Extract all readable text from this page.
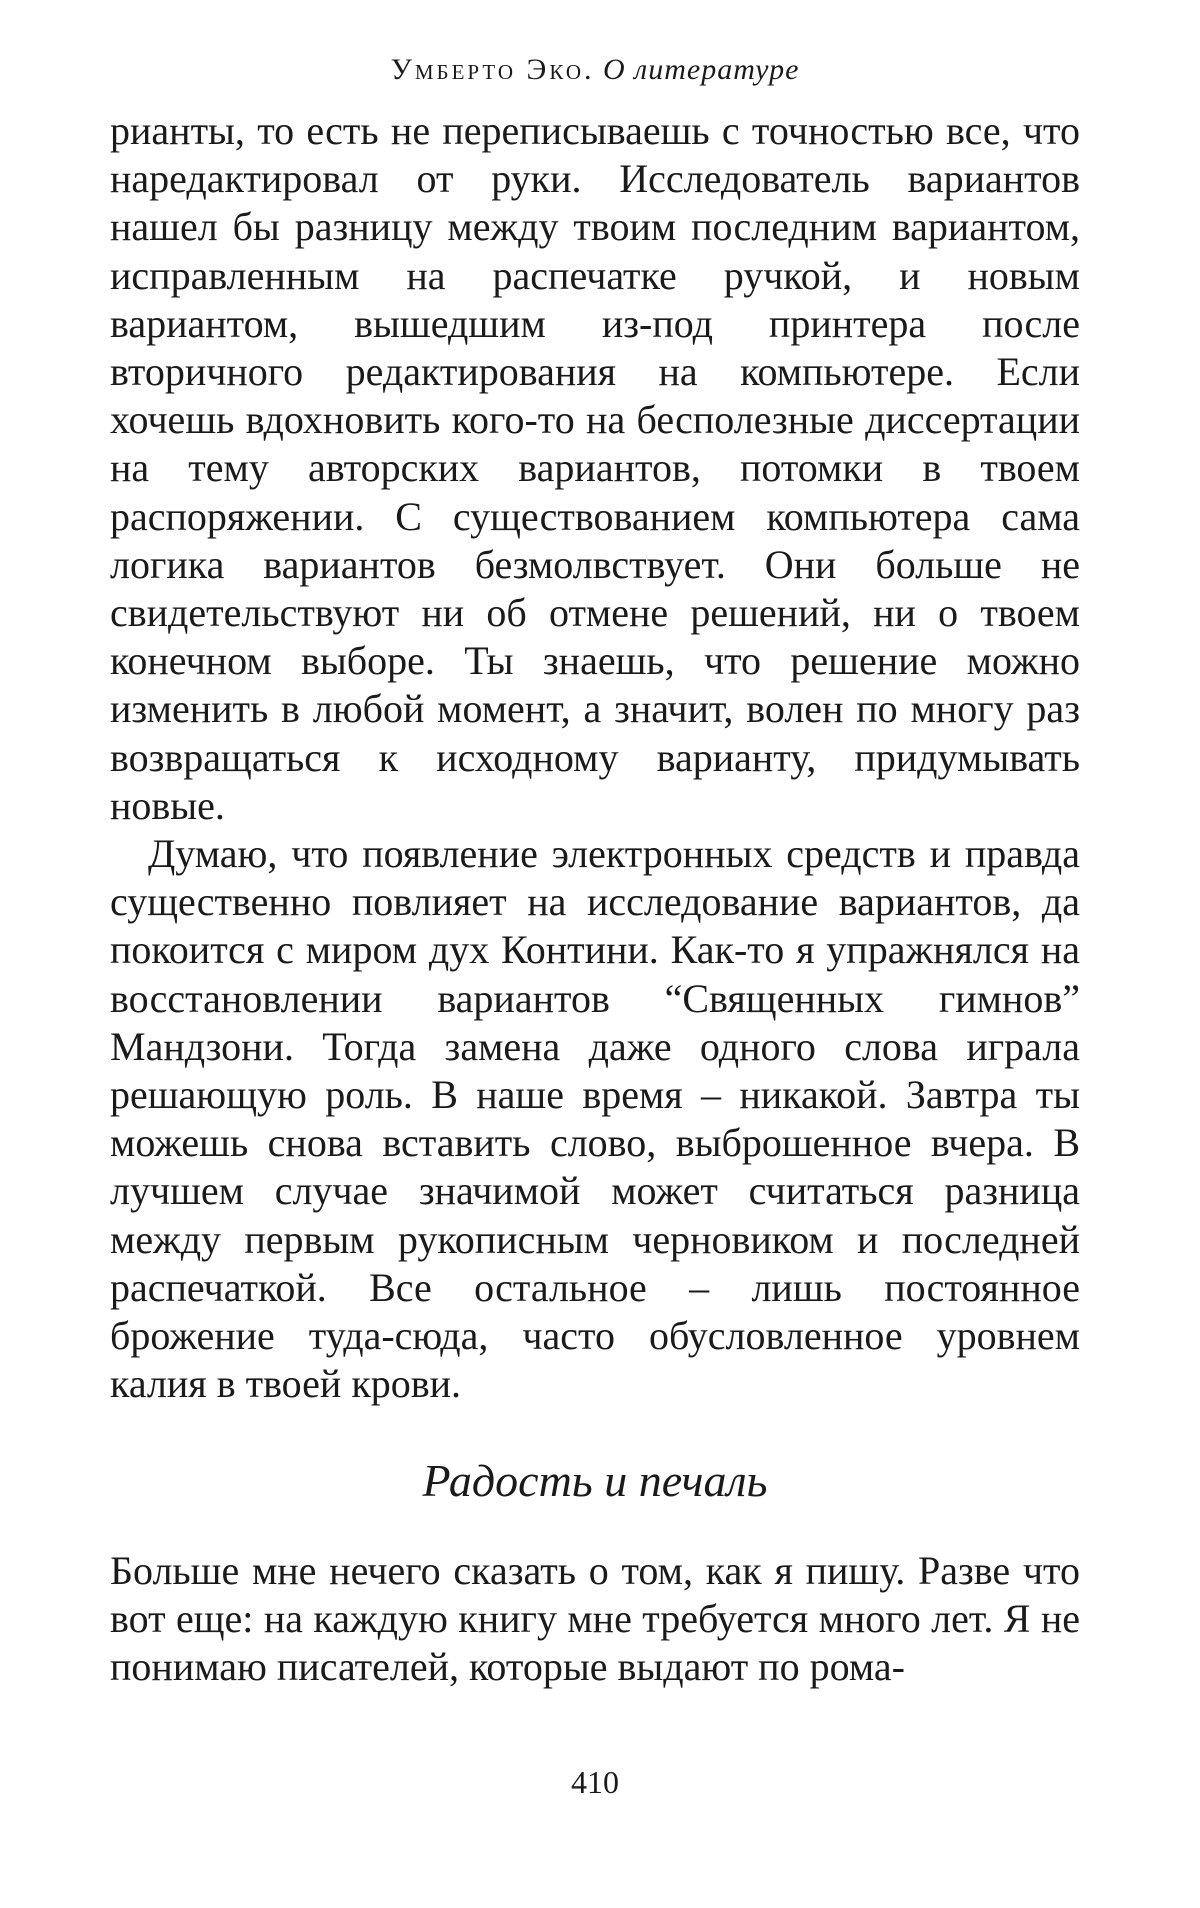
Умберто Эко. О литературе

рианты, то есть не переписываешь с точностью все, что наредактировал от руки. Исследователь вариантов нашел бы разницу между твоим последним вариантом, исправленным на распечатке ручкой, и новым вариантом, вышедшим из-под принтера после вторичного редактирования на компьютере. Если хочешь вдохновить кого-то на бесполезные диссертации на тему авторских вариантов, потомки в твоем распоряжении. С существованием компьютера сама логика вариантов безмолвствует. Они больше не свидетельствуют ни об отмене решений, ни о твоем конечном выборе. Ты знаешь, что решение можно изменить в любой момент, а значит, волен по многу раз возвращаться к исходному варианту, придумывать новые.

Думаю, что появление электронных средств и правда существенно повлияет на исследование вариантов, да покоится с миром дух Контини. Как-то я упражнялся на восстановлении вариантов “Священных гимнов” Мандзони. Тогда замена даже одного слова играла решающую роль. В наше время – никакой. Завтра ты можешь снова вставить слово, выброшенное вчера. В лучшем случае значимой может считаться разница между первым рукописным черновиком и последней распечаткой. Все остальное – лишь постоянное брожение туда-сюда, часто обусловленное уровнем калия в твоей крови.

Радость и печаль

Больше мне нечего сказать о том, как я пишу. Разве что вот еще: на каждую книгу мне требуется много лет. Я не понимаю писателей, которые выдают по рома-

410
